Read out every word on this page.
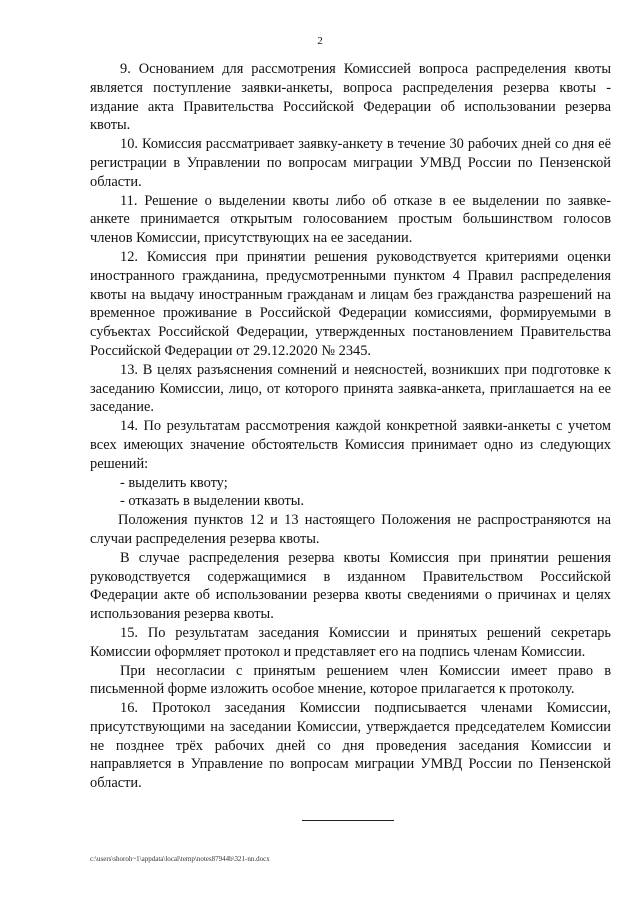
2

9. Основанием для рассмотрения Комиссией вопроса распределения квоты является поступление заявки-анкеты, вопроса распределения резерва квоты - издание акта Правительства Российской Федерации об использовании резерва квоты.

10. Комиссия рассматривает заявку-анкету в течение 30 рабочих дней со дня её регистрации в Управлении по вопросам миграции УМВД России по Пензенской области.

11. Решение о выделении квоты либо об отказе в ее выделении по заявке-анкете принимается открытым голосованием простым большинством голосов членов Комиссии, присутствующих на ее заседании.

12. Комиссия при принятии решения руководствуется критериями оценки иностранного гражданина, предусмотренными пунктом 4 Правил распределения квоты на выдачу иностранным гражданам и лицам без гражданства разрешений на временное проживание в Российской Федерации комиссиями, формируемыми в субъектах Российской Федерации, утвержденных постановлением Правительства Российской Федерации от 29.12.2020 № 2345.

13. В целях разъяснения сомнений и неясностей, возникших при подготовке к заседанию Комиссии, лицо, от которого принята заявка-анкета, приглашается на ее заседание.

14. По результатам рассмотрения каждой конкретной заявки-анкеты с учетом всех имеющих значение обстоятельств Комиссия принимает одно из следующих решений:

- выделить квоту;

- отказать в выделении квоты.

Положения пунктов 12 и 13 настоящего Положения не распространяются на случаи распределения резерва квоты.

В случае распределения резерва квоты Комиссия при принятии решения руководствуется содержащимися в изданном Правительством Российской Федерации акте об использовании резерва квоты сведениями о причинах и целях использования резерва квоты.

15. По результатам заседания Комиссии и принятых решений секретарь Комиссии оформляет протокол и представляет его на подпись членам Комиссии.

При несогласии с принятым решением член Комиссии имеет право в письменной форме изложить особое мнение, которое прилагается к протоколу.

16. Протокол заседания Комиссии подписывается членами Комиссии, присутствующими на заседании Комиссии, утверждается председателем Комиссии не позднее трёх рабочих дней со дня проведения заседания Комиссии и направляется в Управление по вопросам миграции УМВД России по Пензенской области.

c:\users\shoroh~1\appdata\local\temp\notes87944b\321-nn.docx
